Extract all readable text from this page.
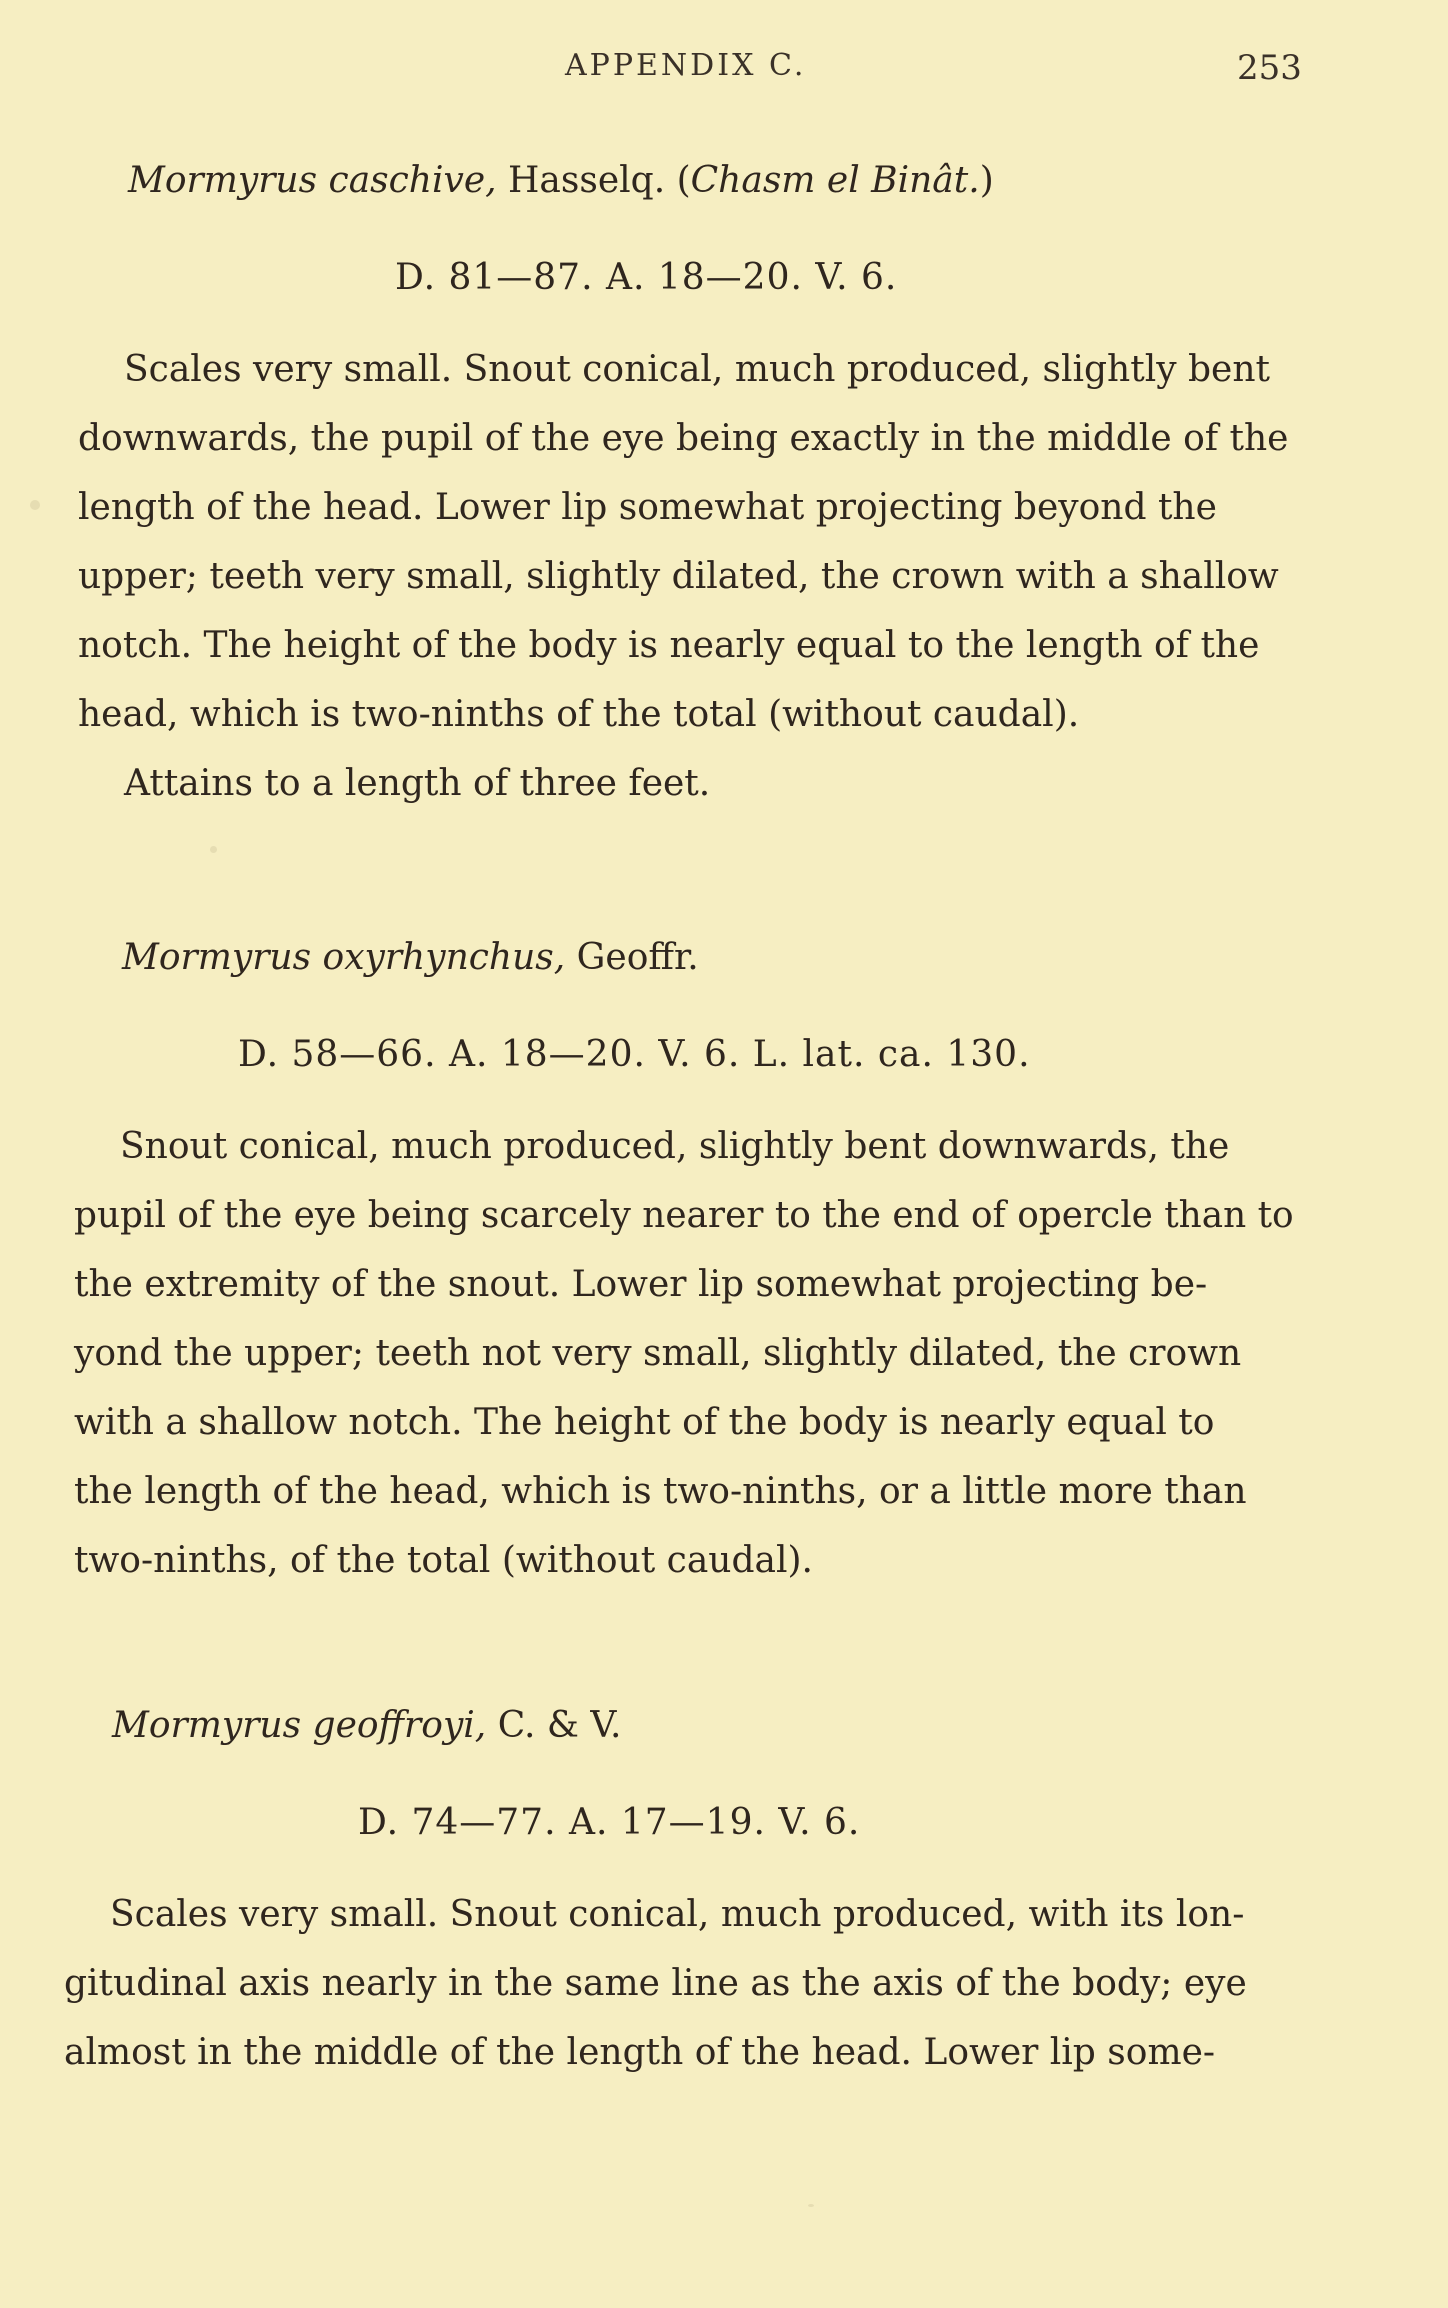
APPENDIX C.	253
Mormyrus caschive, Hasselq. (Chasm el Binât.)
D. 81—87. A. 18—20. V. 6.
Scales very small. Snout conical, much produced, slightly bent
downwards, the pupil of the eye being exactly in the middle of the
length of the head. Lower lip somewhat projecting beyond the
upper; teeth very small, slightly dilated, the crown with a shallow
notch. The height of the body is nearly equal to the length of the
head, which is two-ninths of the total (without caudal).
Attains to a length of three feet.
Mormyrus oxyrhynchus, Geoffr.
D. 58—66. A. 18—20. V. 6. L. lat. ca. 130.
Snout conical, much produced, slightly bent downwards, the
pupil of the eye being scarcely nearer to the end of opercle than to
the extremity of the snout. Lower lip somewhat projecting be-
yond the upper; teeth not very small, slightly dilated, the crown
with a shallow notch. The height of the body is nearly equal to
the length of the head, which is two-ninths, or a little more than
two-ninths, of the total (without caudal).
Mormyrus geoffroyi, C. & V.
D. 74—77. A. 17—19. V. 6.
Scales very small. Snout conical, much produced, with its lon-
gitudinal axis nearly in the same line as the axis of the body; eye
almost in the middle of the length of the head. Lower lip some-
